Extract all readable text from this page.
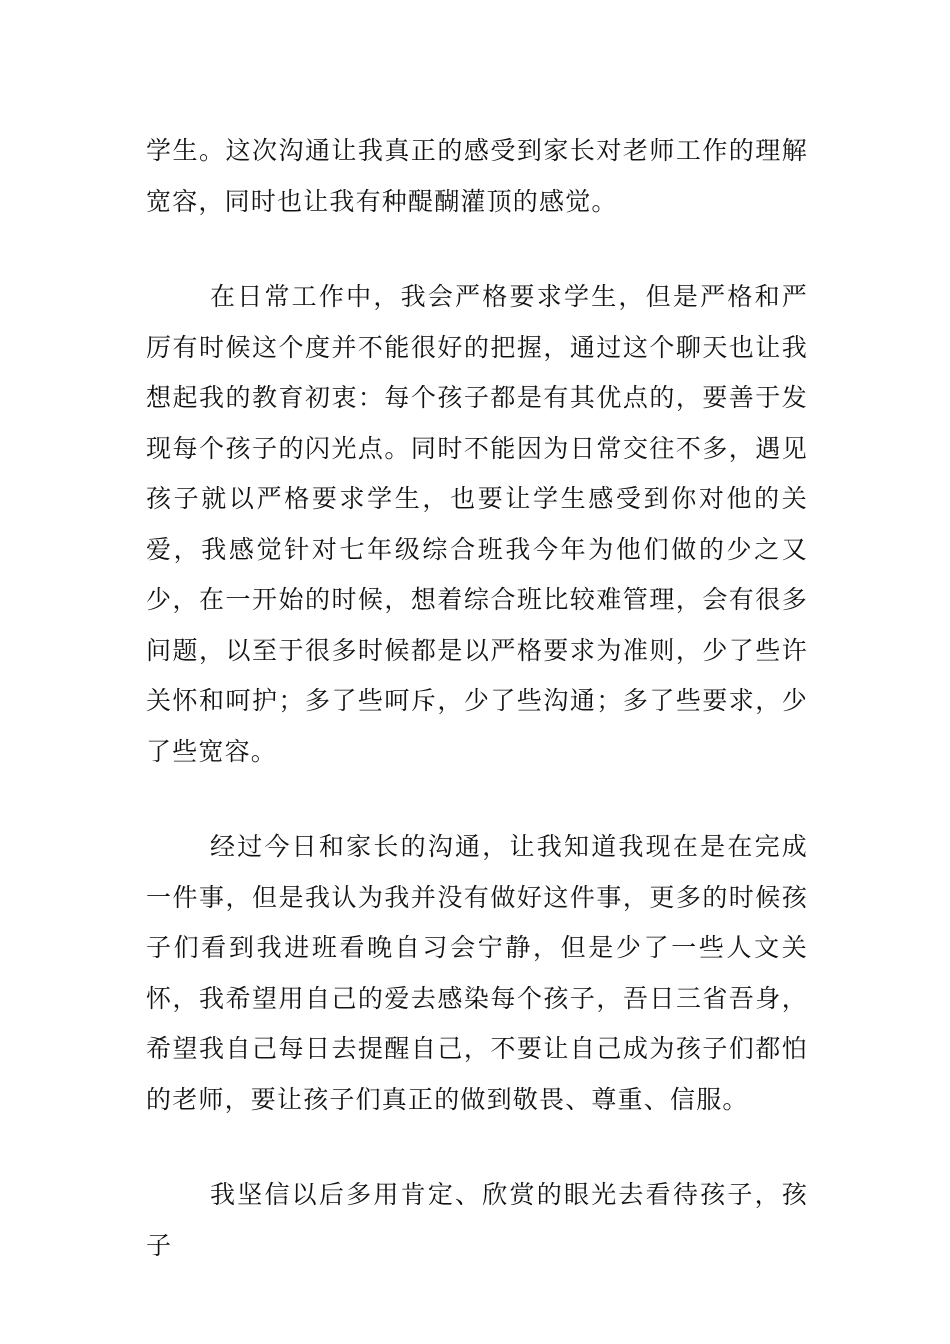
学生。这次沟通让我真正的感受到家长对老师工作的理解宽容，同时也让我有种醍醐灌顶的感觉。

在日常工作中，我会严格要求学生，但是严格和严厉有时候这个度并不能很好的把握，通过这个聊天也让我想起我的教育初衷：每个孩子都是有其优点的，要善于发现每个孩子的闪光点。同时不能因为日常交往不多，遇见孩子就以严格要求学生，也要让学生感受到你对他的关爱，我感觉针对七年级综合班我今年为他们做的少之又少，在一开始的时候，想着综合班比较难管理，会有很多问题，以至于很多时候都是以严格要求为准则，少了些许关怀和呵护；多了些呵斥，少了些沟通；多了些要求，少了些宽容。

经过今日和家长的沟通，让我知道我现在是在完成一件事，但是我认为我并没有做好这件事，更多的时候孩子们看到我进班看晚自习会宁静，但是少了一些人文关怀，我希望用自己的爱去感染每个孩子，吾日三省吾身，希望我自己每日去提醒自己，不要让自己成为孩子们都怕的老师，要让孩子们真正的做到敬畏、尊重、信服。

我坚信以后多用肯定、欣赏的眼光去看待孩子，孩子
